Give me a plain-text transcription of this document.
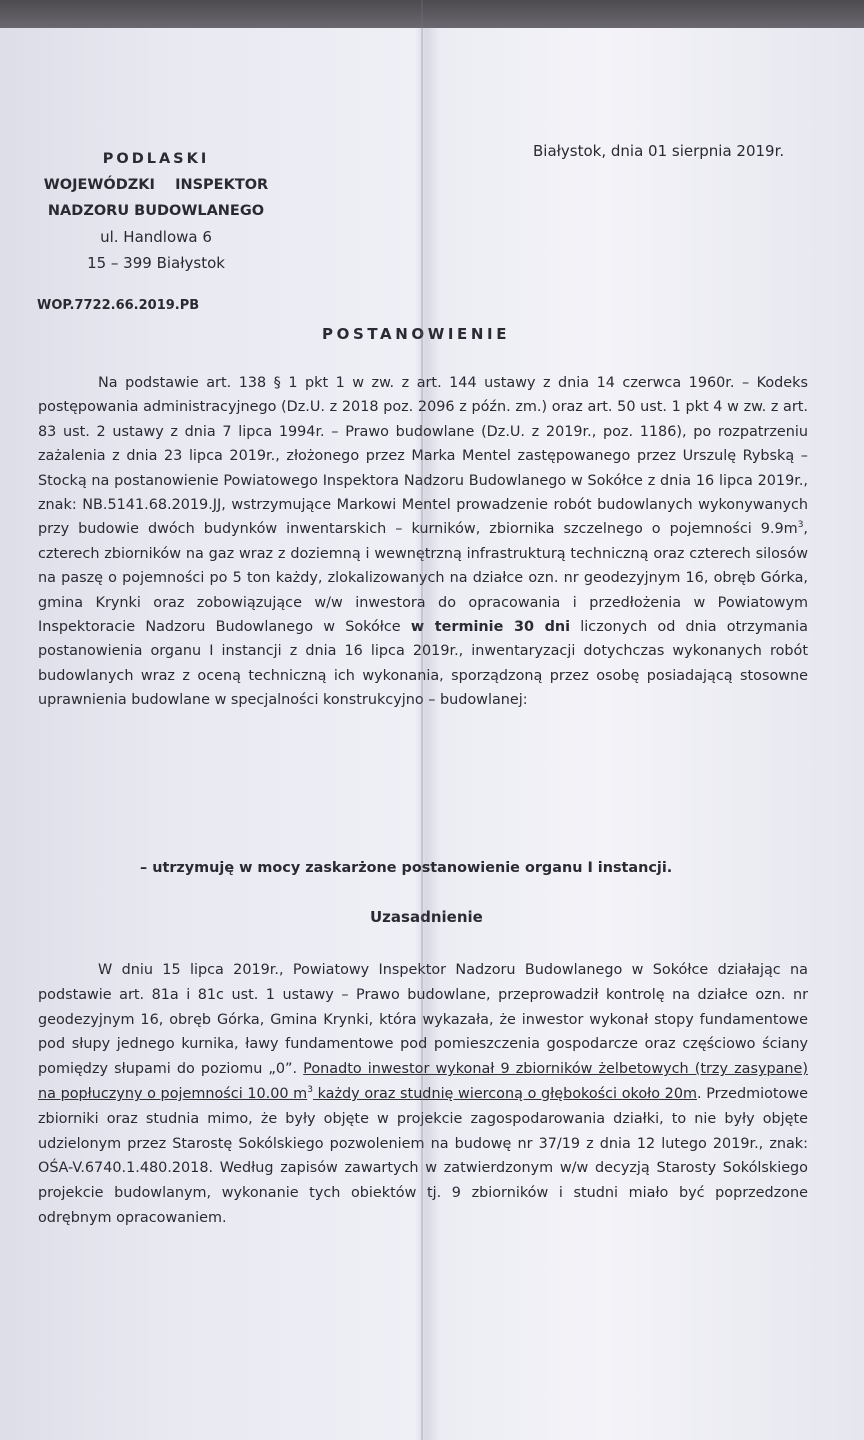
PODLASKI
WOJEWÓDZKI    INSPEKTOR
NADZORU BUDOWLANEGO
ul. Handlowa 6
15 – 399 Białystok
Białystok, dnia 01 sierpnia 2019r.
WOP.7722.66.2019.PB
POSTANOWIENIE
Na podstawie art. 138 § 1 pkt 1 w zw. z art. 144 ustawy z dnia 14 czerwca 1960r. – Kodeks postępowania administracyjnego (Dz.U. z 2018 poz. 2096 z późn. zm.) oraz art. 50 ust. 1 pkt 4 w zw. z art. 83 ust. 2 ustawy z dnia 7 lipca 1994r. – Prawo budowlane (Dz.U. z 2019r., poz. 1186), po rozpatrzeniu zażalenia z dnia 23 lipca 2019r., złożonego przez Marka Mentel zastępowanego przez Urszulę Rybską – Stocką na postanowienie Powiatowego Inspektora Nadzoru Budowlanego w Sokółce z dnia 16 lipca 2019r., znak: NB.5141.68.2019.JJ, wstrzymujące Markowi Mentel prowadzenie robót budowlanych wykonywanych przy budowie dwóch budynków inwentarskich – kurników, zbiornika szczelnego o pojemności $9.9m^3$, czterech zbiorników na gaz wraz z doziemną i wewnętrzną infrastrukturą techniczną oraz czterech silosów na paszę o pojemności po 5 ton każdy, zlokalizowanych na działce ozn. nr geodezyjnym 16, obręb Górka, gmina Krynki oraz zobowiązujące w/w inwestora do opracowania i przedłożenia w Powiatowym Inspektoracie Nadzoru Budowlanego w Sokółce w terminie 30 dni liczonych od dnia otrzymania postanowienia organu I instancji z dnia 16 lipca 2019r., inwentaryzacji dotychczas wykonanych robót budowlanych wraz z oceną techniczną ich wykonania, sporządzoną przez osobę posiadającą stosowne uprawnienia budowlane w specjalności konstrukcyjno – budowlanej:
– utrzymuję w mocy zaskarżone postanowienie organu I instancji.
Uzasadnienie
W dniu 15 lipca 2019r., Powiatowy Inspektor Nadzoru Budowlanego w Sokółce działając na podstawie art. 81a i 81c ust. 1 ustawy – Prawo budowlane, przeprowadził kontrolę na działce ozn. nr geodezyjnym 16, obręb Górka, Gmina Krynki, która wykazała, że inwestor wykonał stopy fundamentowe pod słupy jednego kurnika, ławy fundamentowe pod pomieszczenia gospodarcze oraz częściowo ściany pomiędzy słupami do poziomu „0”. Ponadto inwestor wykonał 9 zbiorników żelbetowych (trzy zasypane) na popłuczyny o pojemności 10.00 $m^3$ każdy oraz studnię wierconą o głębokości około 20m. Przedmiotowe zbiorniki oraz studnia mimo, że były objęte w projekcie zagospodarowania działki, to nie były objęte udzielonym przez Starostę Sokólskiego pozwoleniem na budowę nr 37/19 z dnia 12 lutego 2019r., znak: OŚA-V.6740.1.480.2018. Według zapisów zawartych w zatwierdzonym w/w decyzją Starosty Sokólskiego projekcie budowlanym, wykonanie tych obiektów tj. 9 zbiorników i studni miało być poprzedzone odrębnym opracowaniem.
